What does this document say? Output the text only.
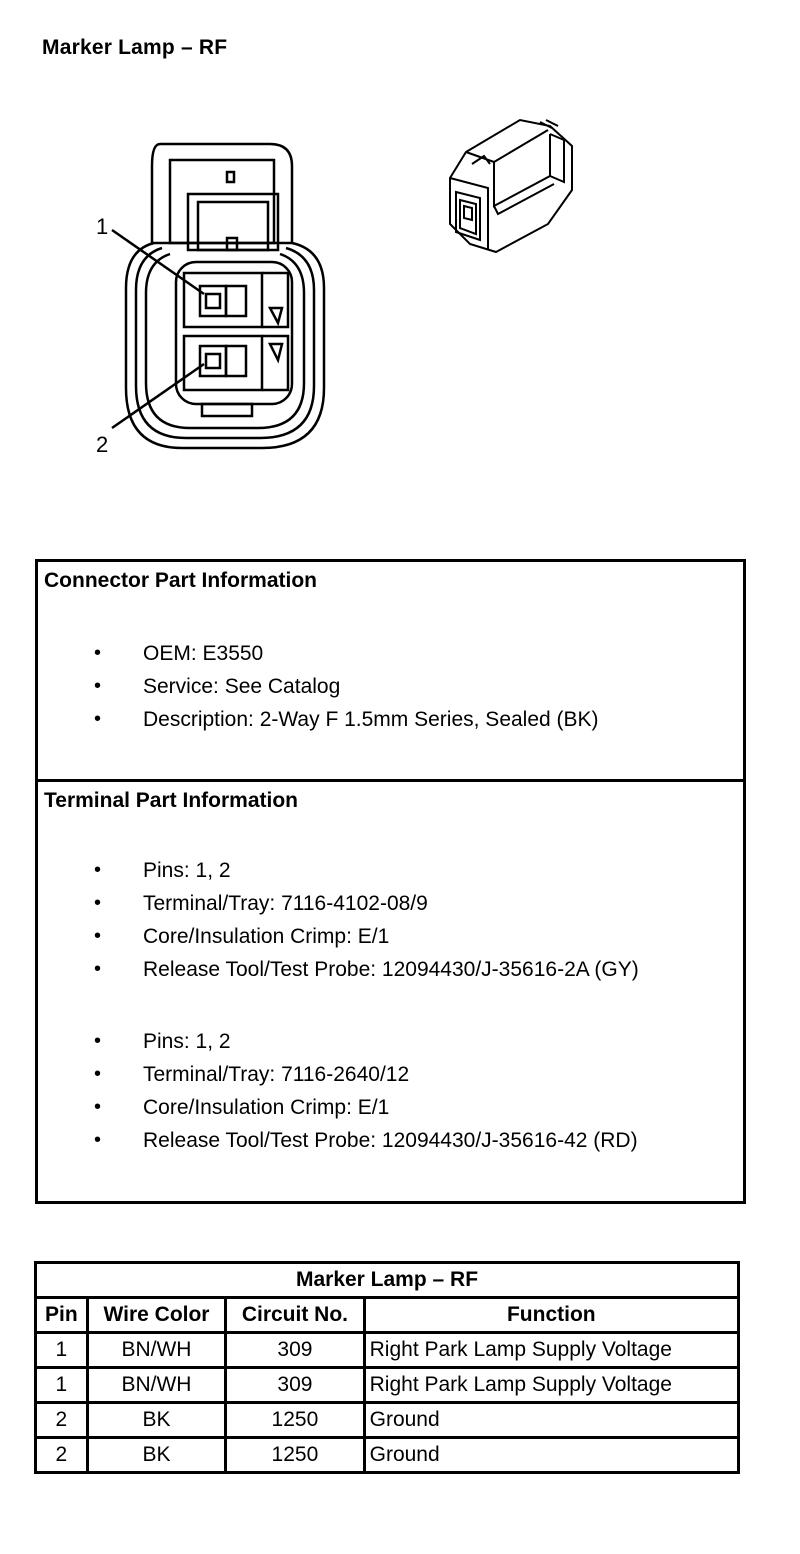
Marker Lamp – RF
1
2
Connector Part Information
• OEM: E3550
• Service: See Catalog
• Description: 2-Way F 1.5mm Series, Sealed (BK)
Terminal Part Information
• Pins: 1, 2
• Terminal/Tray: 7116-4102-08/9
• Core/Insulation Crimp: E/1
• Release Tool/Test Probe: 12094430/J-35616-2A (GY)
• Pins: 1, 2
• Terminal/Tray: 7116-2640/12
• Core/Insulation Crimp: E/1
• Release Tool/Test Probe: 12094430/J-35616-42 (RD)
Marker Lamp – RF			
Pin	Wire Color	Circuit No.	Function
1	BN/WH	309	Right Park Lamp Supply Voltage
1	BN/WH	309	Right Park Lamp Supply Voltage
2	BK	1250	Ground
2	BK	1250	Ground
